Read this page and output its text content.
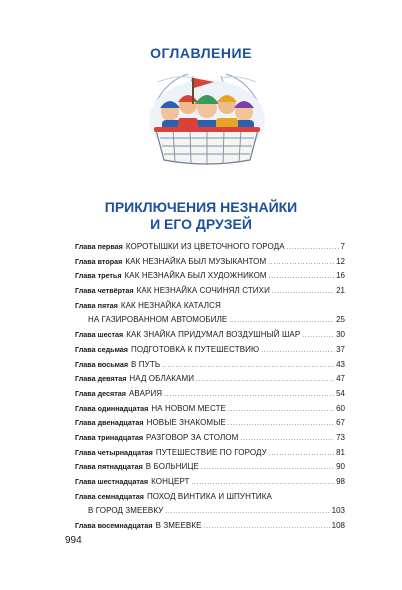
ОГЛАВЛЕНИЕ
ПРИКЛЮЧЕНИЯ НЕЗНАЙКИ
И ЕГО ДРУЗЕЙ
Глава первая КОРОТЫШКИ ИЗ ЦВЕТОЧНОГО ГОРОДА .....	7
Глава вторая КАК НЕЗНАЙКА БЫЛ МУЗЫКАНТОМ .....	12
Глава третья КАК НЕЗНАЙКА БЫЛ ХУДОЖНИКОМ .....	16
Глава четвёртая КАК НЕЗНАЙКА СОЧИНЯЛ СТИХИ .....	21
Глава пятая КАК НЕЗНАЙКА КАТАЛСЯ
НА ГАЗИРОВАННОМ АВТОМОБИЛЕ .....	25
Глава шестая КАК ЗНАЙКА ПРИДУМАЛ ВОЗДУШНЫЙ ШАР .....	30
Глава седьмая ПОДГОТОВКА К ПУТЕШЕСТВИЮ .....	37
Глава восьмая В ПУТЬ .....	43
Глава девятая НАД ОБЛАКАМИ .....	47
Глава десятая АВАРИЯ .....	54
Глава одиннадцатая НА НОВОМ МЕСТЕ .....	60
Глава двенадцатая НОВЫЕ ЗНАКОМЫЕ .....	67
Глава тринадцатая РАЗГОВОР ЗА СТОЛОМ .....	73
Глава четырнадцатая ПУТЕШЕСТВИЕ ПО ГОРОДУ .....	81
Глава пятнадцатая В БОЛЬНИЦЕ .....	90
Глава шестнадцатая КОНЦЕРТ .....	98
Глава семнадцатая ПОХОД ВИНТИКА И ШПУНТИКА
В ГОРОД ЗМЕЕВКУ .....	103
Глава восемнадцатая В ЗМЕЕВКЕ .....	108
994
